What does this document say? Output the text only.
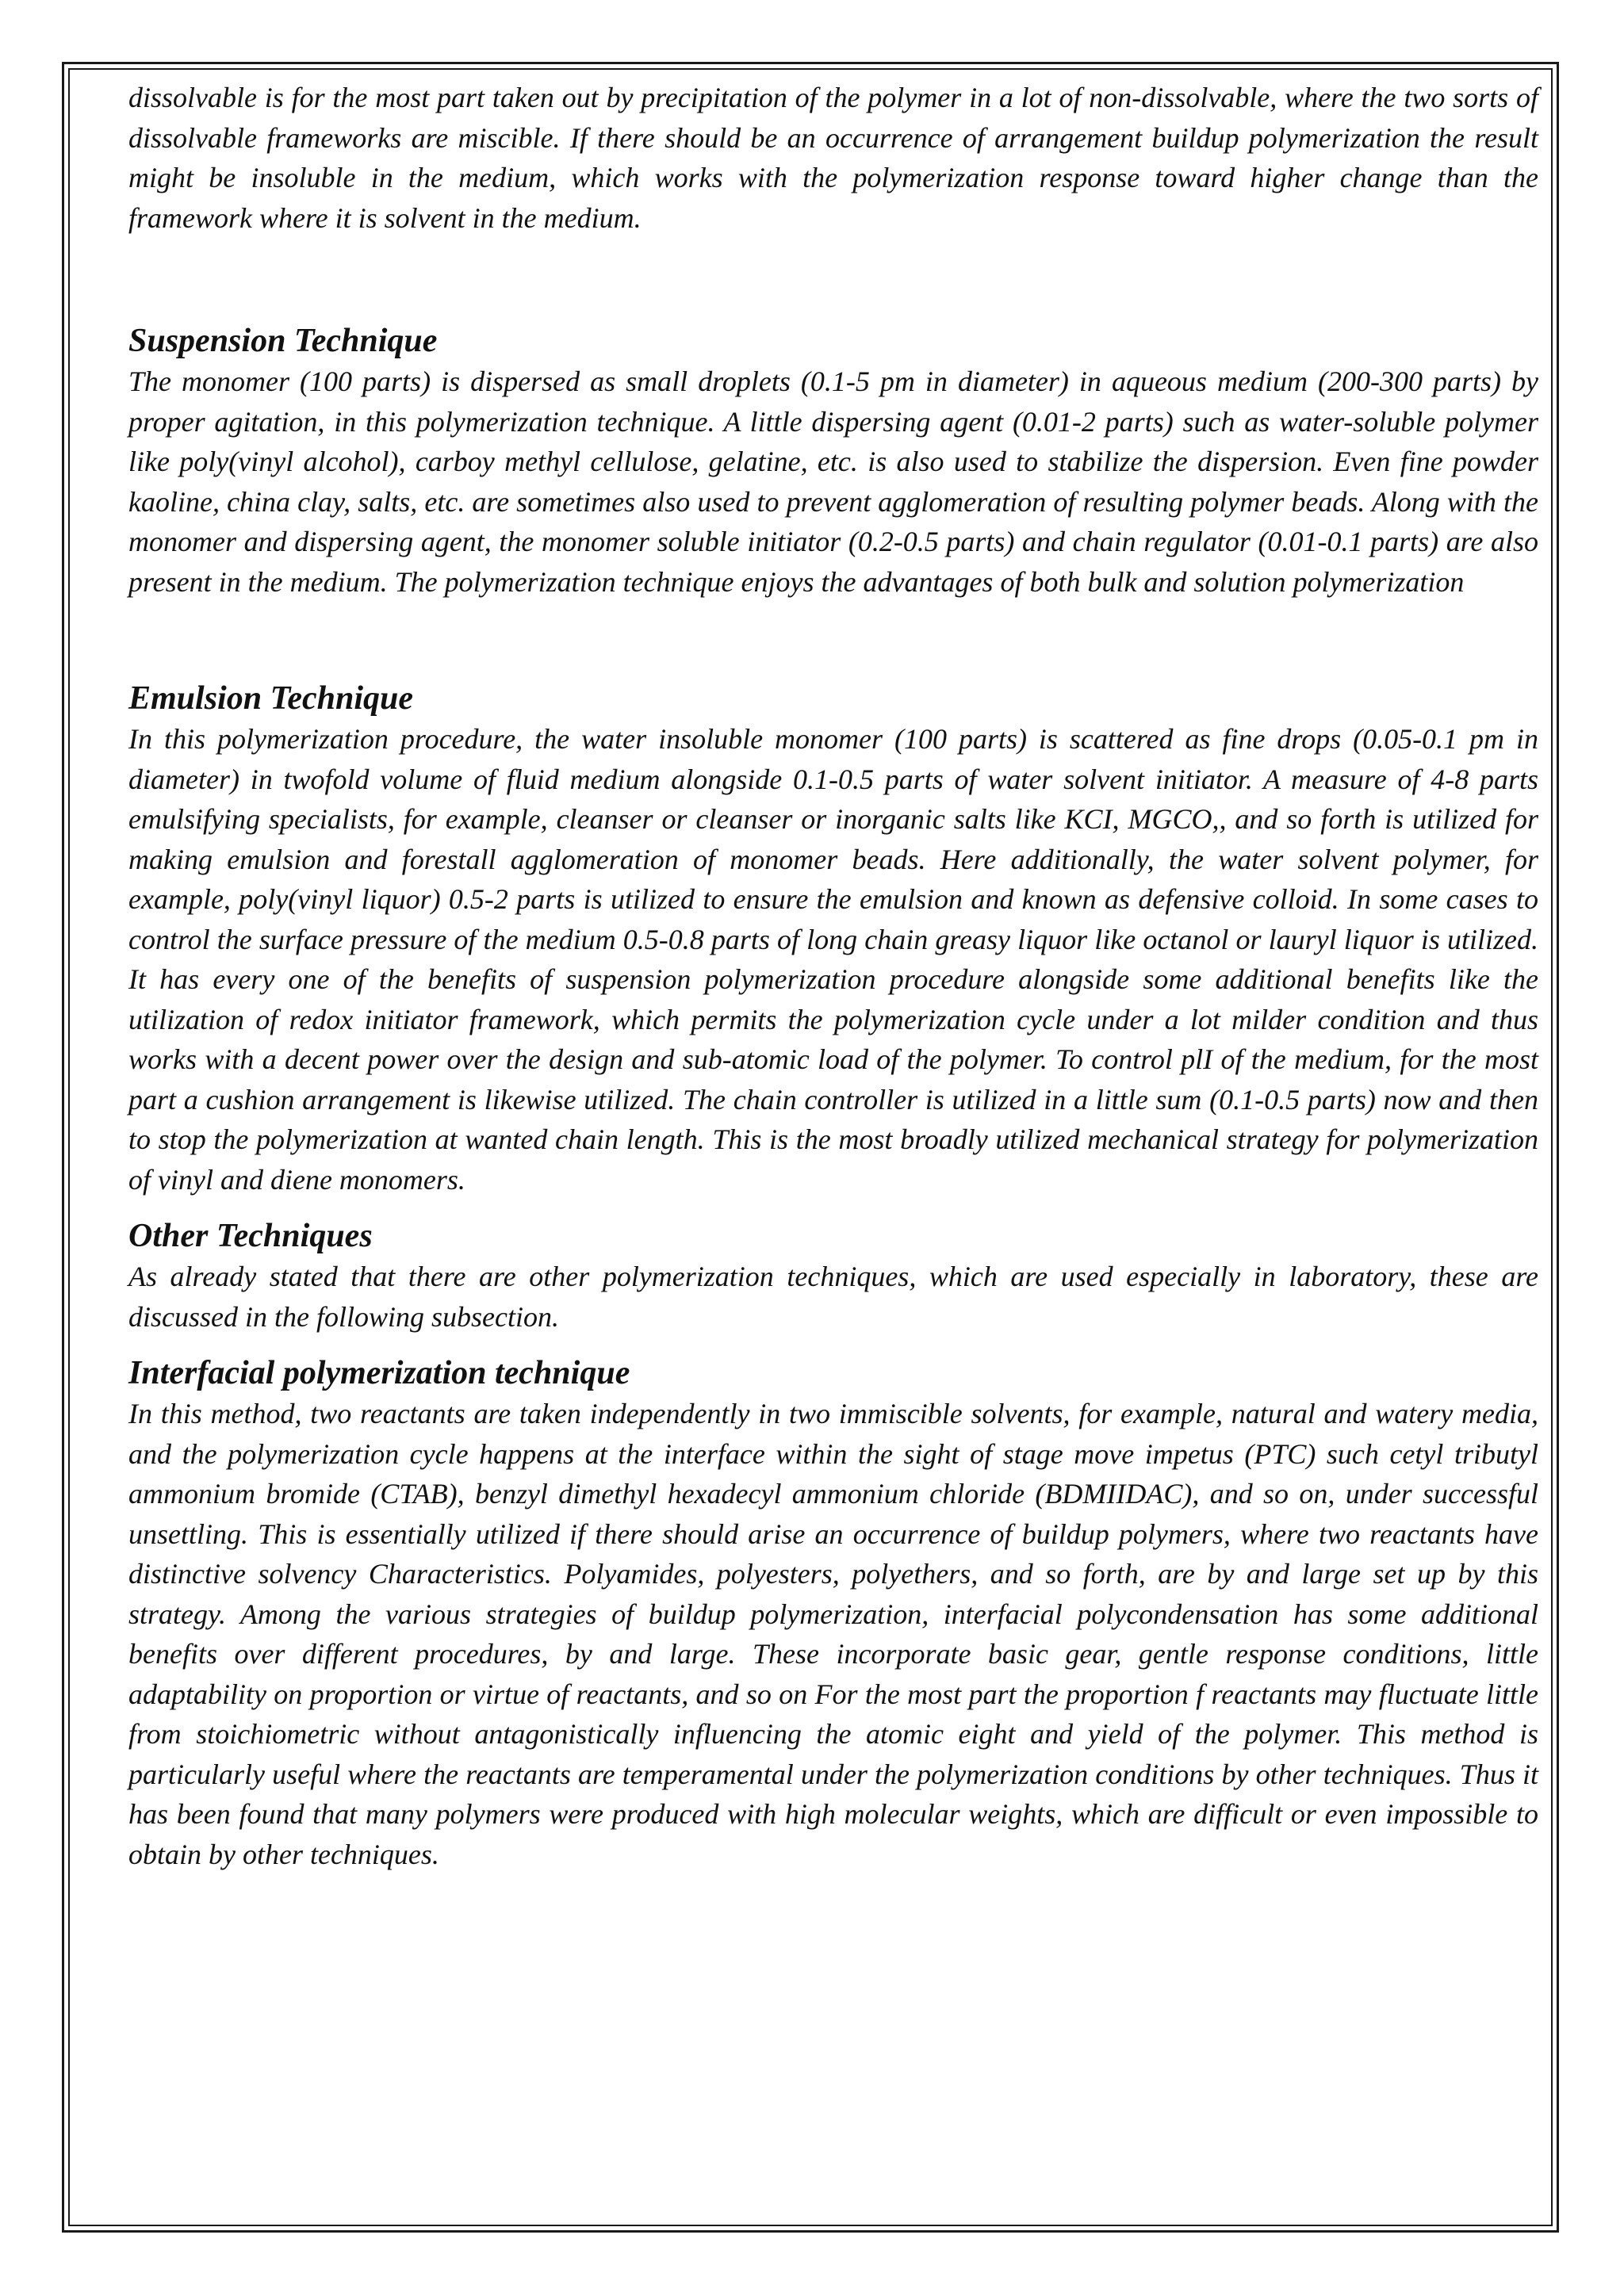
dissolvable is for the most part taken out by precipitation of the polymer in a lot of non-dissolvable, where the two sorts of dissolvable frameworks are miscible. If there should be an occurrence of arrangement buildup polymerization the result might be insoluble in the medium, which works with the polymerization response toward higher change than the framework where it is solvent in the medium.

Suspension Technique

The monomer (100 parts) is dispersed as small droplets (0.1-5 pm in diameter) in aqueous medium (200-300 parts) by proper agitation, in this polymerization technique. A little dispersing agent (0.01-2 parts) such as water-soluble polymer like poly(vinyl alcohol), carboy methyl cellulose, gelatine, etc. is also used to stabilize the dispersion. Even fine powder kaoline, china clay, salts, etc. are sometimes also used to prevent agglomeration of resulting polymer beads. Along with the monomer and dispersing agent, the monomer soluble initiator (0.2-0.5 parts) and chain regulator (0.01-0.1 parts) are also present in the medium. The polymerization technique enjoys the advantages of both bulk and solution polymerization

Emulsion Technique

In this polymerization procedure, the water insoluble monomer (100 parts) is scattered as fine drops (0.05-0.1 pm in diameter) in twofold volume of fluid medium alongside 0.1-0.5 parts of water solvent initiator. A measure of 4-8 parts emulsifying specialists, for example, cleanser or cleanser or inorganic salts like KCI, MGCO,, and so forth is utilized for making emulsion and forestall agglomeration of monomer beads. Here additionally, the water solvent polymer, for example, poly(vinyl liquor) 0.5-2 parts is utilized to ensure the emulsion and known as defensive colloid. In some cases to control the surface pressure of the medium 0.5-0.8 parts of long chain greasy liquor like octanol or lauryl liquor is utilized. It has every one of the benefits of suspension polymerization procedure alongside some additional benefits like the utilization of redox initiator framework, which permits the polymerization cycle under a lot milder condition and thus works with a decent power over the design and sub-atomic load of the polymer. To control plI of the medium, for the most part a cushion arrangement is likewise utilized. The chain controller is utilized in a little sum (0.1-0.5 parts) now and then to stop the polymerization at wanted chain length. This is the most broadly utilized mechanical strategy for polymerization of vinyl and diene monomers.

Other Techniques

As already stated that there are other polymerization techniques, which are used especially in laboratory, these are discussed in the following subsection.

Interfacial polymerization technique

In this method, two reactants are taken independently in two immiscible solvents, for example, natural and watery media, and the polymerization cycle happens at the interface within the sight of stage move impetus (PTC) such cetyl tributyl ammonium bromide (CTAB), benzyl dimethyl hexadecyl ammonium chloride (BDMIIDAC), and so on, under successful unsettling. This is essentially utilized if there should arise an occurrence of buildup polymers, where two reactants have distinctive solvency Characteristics. Polyamides, polyesters, polyethers, and so forth, are by and large set up by this strategy. Among the various strategies of buildup polymerization, interfacial polycondensation has some additional benefits over different procedures, by and large. These incorporate basic gear, gentle response conditions, little adaptability on proportion or virtue of reactants, and so on For the most part the proportion f reactants may fluctuate little from stoichiometric without antagonistically influencing the atomic eight and yield of the polymer. This method is particularly useful where the reactants are temperamental under the polymerization conditions by other techniques. Thus it has been found that many polymers were produced with high molecular weights, which are difficult or even impossible to obtain by other techniques.
